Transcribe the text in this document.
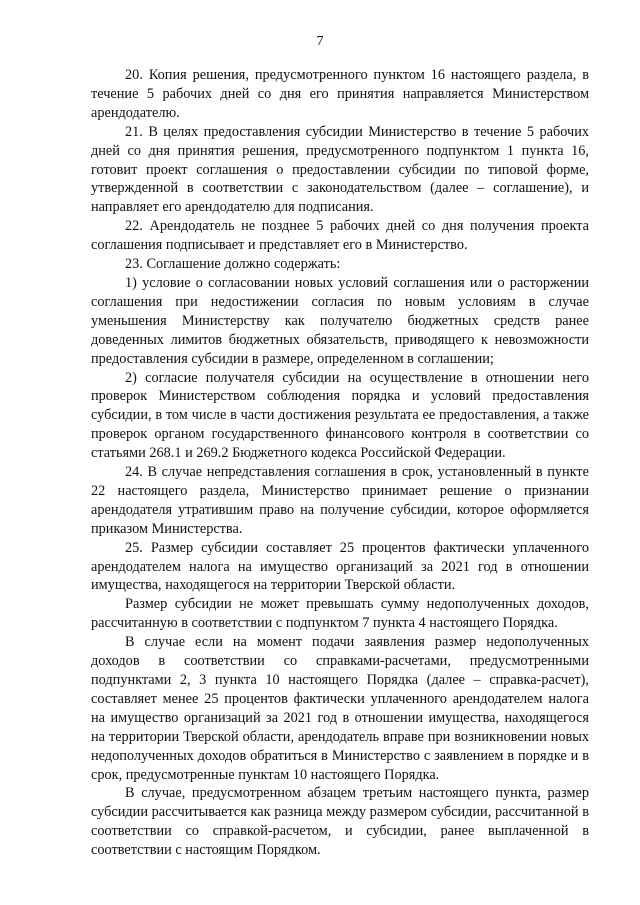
7

20. Копия решения, предусмотренного пунктом 16 настоящего раздела, в течение 5 рабочих дней со дня его принятия направляется Министерством арендодателю.

21. В целях предоставления субсидии Министерство в течение 5 рабочих дней со дня принятия решения, предусмотренного подпунктом 1 пункта 16, готовит проект соглашения о предоставлении субсидии по типовой форме, утвержденной в соответствии с законодательством (далее – соглашение), и направляет его арендодателю для подписания.

22. Арендодатель не позднее 5 рабочих дней со дня получения проекта соглашения подписывает и представляет его в Министерство.

23. Соглашение должно содержать:

1) условие о согласовании новых условий соглашения или о расторжении соглашения при недостижении согласия по новым условиям в случае уменьшения Министерству как получателю бюджетных средств ранее доведенных лимитов бюджетных обязательств, приводящего к невозможности предоставления субсидии в размере, определенном в соглашении;

2) согласие получателя субсидии на осуществление в отношении него проверок Министерством соблюдения порядка и условий предоставления субсидии, в том числе в части достижения результата ее предоставления, а также проверок органом государственного финансового контроля в соответствии со статьями 268.1 и 269.2 Бюджетного кодекса Российской Федерации.

24. В случае непредставления соглашения в срок, установленный в пункте 22 настоящего раздела, Министерство принимает решение о признании арендодателя утратившим право на получение субсидии, которое оформляется приказом Министерства.

25. Размер субсидии составляет 25 процентов фактически уплаченного арендодателем налога на имущество организаций за 2021 год в отношении имущества, находящегося на территории Тверской области.

Размер субсидии не может превышать сумму недополученных доходов, рассчитанную в соответствии с подпунктом 7 пункта 4 настоящего Порядка.

В случае если на момент подачи заявления размер недополученных доходов в соответствии со справками-расчетами, предусмотренными подпунктами 2, 3 пункта 10 настоящего Порядка (далее – справка-расчет), составляет менее 25 процентов фактически уплаченного арендодателем налога на имущество организаций за 2021 год в отношении имущества, находящегося на территории Тверской области, арендодатель вправе при возникновении новых недополученных доходов обратиться в Министерство с заявлением в порядке и в срок, предусмотренные пунктам 10 настоящего Порядка.

В случае, предусмотренном абзацем третьим настоящего пункта, размер субсидии рассчитывается как разница между размером субсидии, рассчитанной в соответствии со справкой-расчетом, и субсидии, ранее выплаченной в соответствии с настоящим Порядком.
